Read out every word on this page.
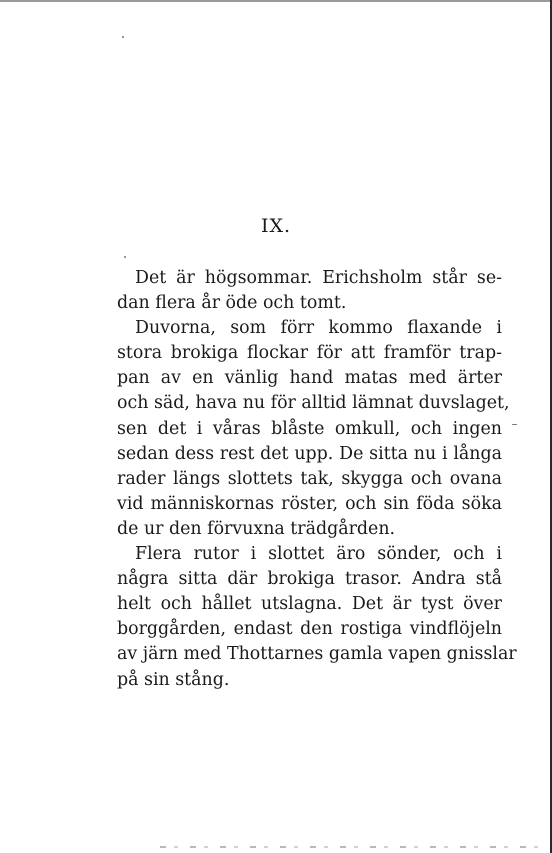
IX.

Det är högsommar. Erichsholm står se-
dan flera år öde och tomt.

Duvorna, som förr kommo flaxande i
stora brokiga flockar för att framför trap-
pan av en vänlig hand matas med ärter
och säd, hava nu för alltid lämnat duvslaget,
sen det i våras blåste omkull, och ingen
sedan dess rest det upp. De sitta nu i långa
rader längs slottets tak, skygga och ovana
vid människornas röster, och sin föda söka
de ur den förvuxna trädgården.

Flera rutor i slottet äro sönder, och i
några sitta där brokiga trasor. Andra stå
helt och hållet utslagna. Det är tyst över
borggården, endast den rostiga vindflöjeln
av järn med Thottarnes gamla vapen gnisslar
på sin stång.
